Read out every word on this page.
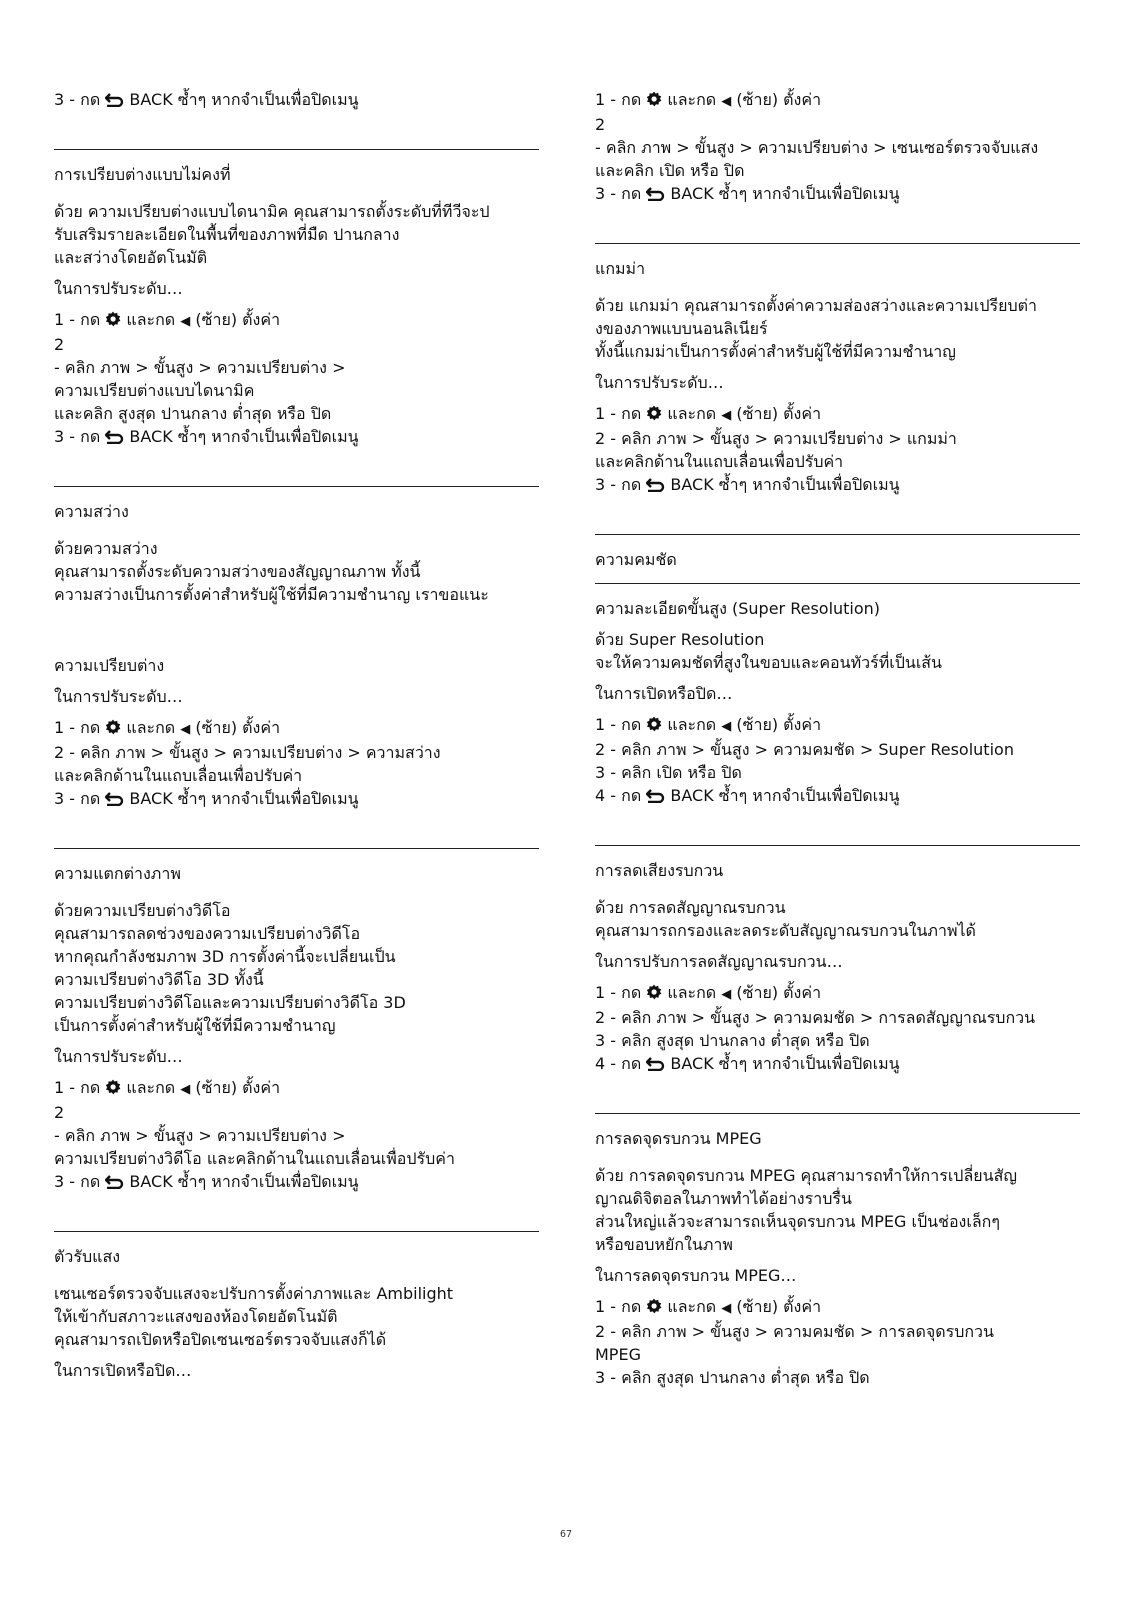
3 - กด BACK ซ้ำๆ หากจำเป็นเพื่อปิดเมนู
การเปรียบต่างแบบไม่คงที่
ด้วย ความเปรียบต่างแบบไดนามิค คุณสามารถตั้งระดับที่ทีวีจะป
รับเสริมรายละเอียดในพื้นที่ของภาพที่มืด ปานกลาง
และสว่างโดยอัตโนมัติ
ในการปรับระดับ…
1 - กด และกด ◀ (ซ้าย) ตั้งค่า
2
- คลิก ภาพ > ขั้นสูง > ความเปรียบต่าง >
ความเปรียบต่างแบบไดนามิค
และคลิก สูงสุด ปานกลาง ต่ำสุด หรือ ปิด
3 - กด BACK ซ้ำๆ หากจำเป็นเพื่อปิดเมนู
ความสว่าง
ด้วยความสว่าง
คุณสามารถตั้งระดับความสว่างของสัญญาณภาพ ทั้งนี้
ความสว่างเป็นการตั้งค่าสำหรับผู้ใช้ที่มีความชำนาญ เราขอแนะ
ความเปรียบต่าง
ในการปรับระดับ…
1 - กด และกด ◀ (ซ้าย) ตั้งค่า
2 - คลิก ภาพ > ขั้นสูง > ความเปรียบต่าง > ความสว่าง
และคลิกด้านในแถบเลื่อนเพื่อปรับค่า
3 - กด BACK ซ้ำๆ หากจำเป็นเพื่อปิดเมนู
ความแตกต่างภาพ
ด้วยความเปรียบต่างวิดีโอ
คุณสามารถลดช่วงของความเปรียบต่างวิดีโอ
หากคุณกำลังชมภาพ 3D การตั้งค่านี้จะเปลี่ยนเป็น
ความเปรียบต่างวิดีโอ 3D ทั้งนี้
ความเปรียบต่างวิดีโอและความเปรียบต่างวิดีโอ 3D
เป็นการตั้งค่าสำหรับผู้ใช้ที่มีความชำนาญ
ในการปรับระดับ…
1 - กด และกด ◀ (ซ้าย) ตั้งค่า
2
- คลิก ภาพ > ขั้นสูง > ความเปรียบต่าง >
ความเปรียบต่างวิดีโอ และคลิกด้านในแถบเลื่อนเพื่อปรับค่า
3 - กด BACK ซ้ำๆ หากจำเป็นเพื่อปิดเมนู
ตัวรับแสง
เซนเซอร์ตรวจจับแสงจะปรับการตั้งค่าภาพและ Ambilight
ให้เข้ากับสภาวะแสงของห้องโดยอัตโนมัติ
คุณสามารถเปิดหรือปิดเซนเซอร์ตรวจจับแสงก็ได้
ในการเปิดหรือปิด…
1 - กด และกด ◀ (ซ้าย) ตั้งค่า
2
- คลิก ภาพ > ขั้นสูง > ความเปรียบต่าง > เซนเซอร์ตรวจจับแสง
และคลิก เปิด หรือ ปิด
3 - กด BACK ซ้ำๆ หากจำเป็นเพื่อปิดเมนู
แกมม่า
ด้วย แกมม่า คุณสามารถตั้งค่าความส่องสว่างและความเปรียบต่า
งของภาพแบบนอนลิเนียร์
ทั้งนี้แกมม่าเป็นการตั้งค่าสำหรับผู้ใช้ที่มีความชำนาญ
ในการปรับระดับ…
1 - กด และกด ◀ (ซ้าย) ตั้งค่า
2 - คลิก ภาพ > ขั้นสูง > ความเปรียบต่าง > แกมม่า
และคลิกด้านในแถบเลื่อนเพื่อปรับค่า
3 - กด BACK ซ้ำๆ หากจำเป็นเพื่อปิดเมนู
ความคมชัด
ความละเอียดขั้นสูง (Super Resolution)
ด้วย Super Resolution
จะให้ความคมชัดที่สูงในขอบและคอนทัวร์ที่เป็นเส้น
ในการเปิดหรือปิด…
1 - กด และกด ◀ (ซ้าย) ตั้งค่า
2 - คลิก ภาพ > ขั้นสูง > ความคมชัด > Super Resolution
3 - คลิก เปิด หรือ ปิด
4 - กด BACK ซ้ำๆ หากจำเป็นเพื่อปิดเมนู
การลดเสียงรบกวน
ด้วย การลดสัญญาณรบกวน
คุณสามารถกรองและลดระดับสัญญาณรบกวนในภาพได้
ในการปรับการลดสัญญาณรบกวน…
1 - กด และกด ◀ (ซ้าย) ตั้งค่า
2 - คลิก ภาพ > ขั้นสูง > ความคมชัด > การลดสัญญาณรบกวน
3 - คลิก สูงสุด ปานกลาง ต่ำสุด หรือ ปิด
4 - กด BACK ซ้ำๆ หากจำเป็นเพื่อปิดเมนู
การลดจุดรบกวน MPEG
ด้วย การลดจุดรบกวน MPEG คุณสามารถทำให้การเปลี่ยนสัญ
ญาณดิจิตอลในภาพทำได้อย่างราบรื่น
ส่วนใหญ่แล้วจะสามารถเห็นจุดรบกวน MPEG เป็นช่องเล็กๆ
หรือขอบหยักในภาพ
ในการลดจุดรบกวน MPEG…
1 - กด และกด ◀ (ซ้าย) ตั้งค่า
2 - คลิก ภาพ > ขั้นสูง > ความคมชัด > การลดจุดรบกวน
MPEG
3 - คลิก สูงสุด ปานกลาง ต่ำสุด หรือ ปิด
67
